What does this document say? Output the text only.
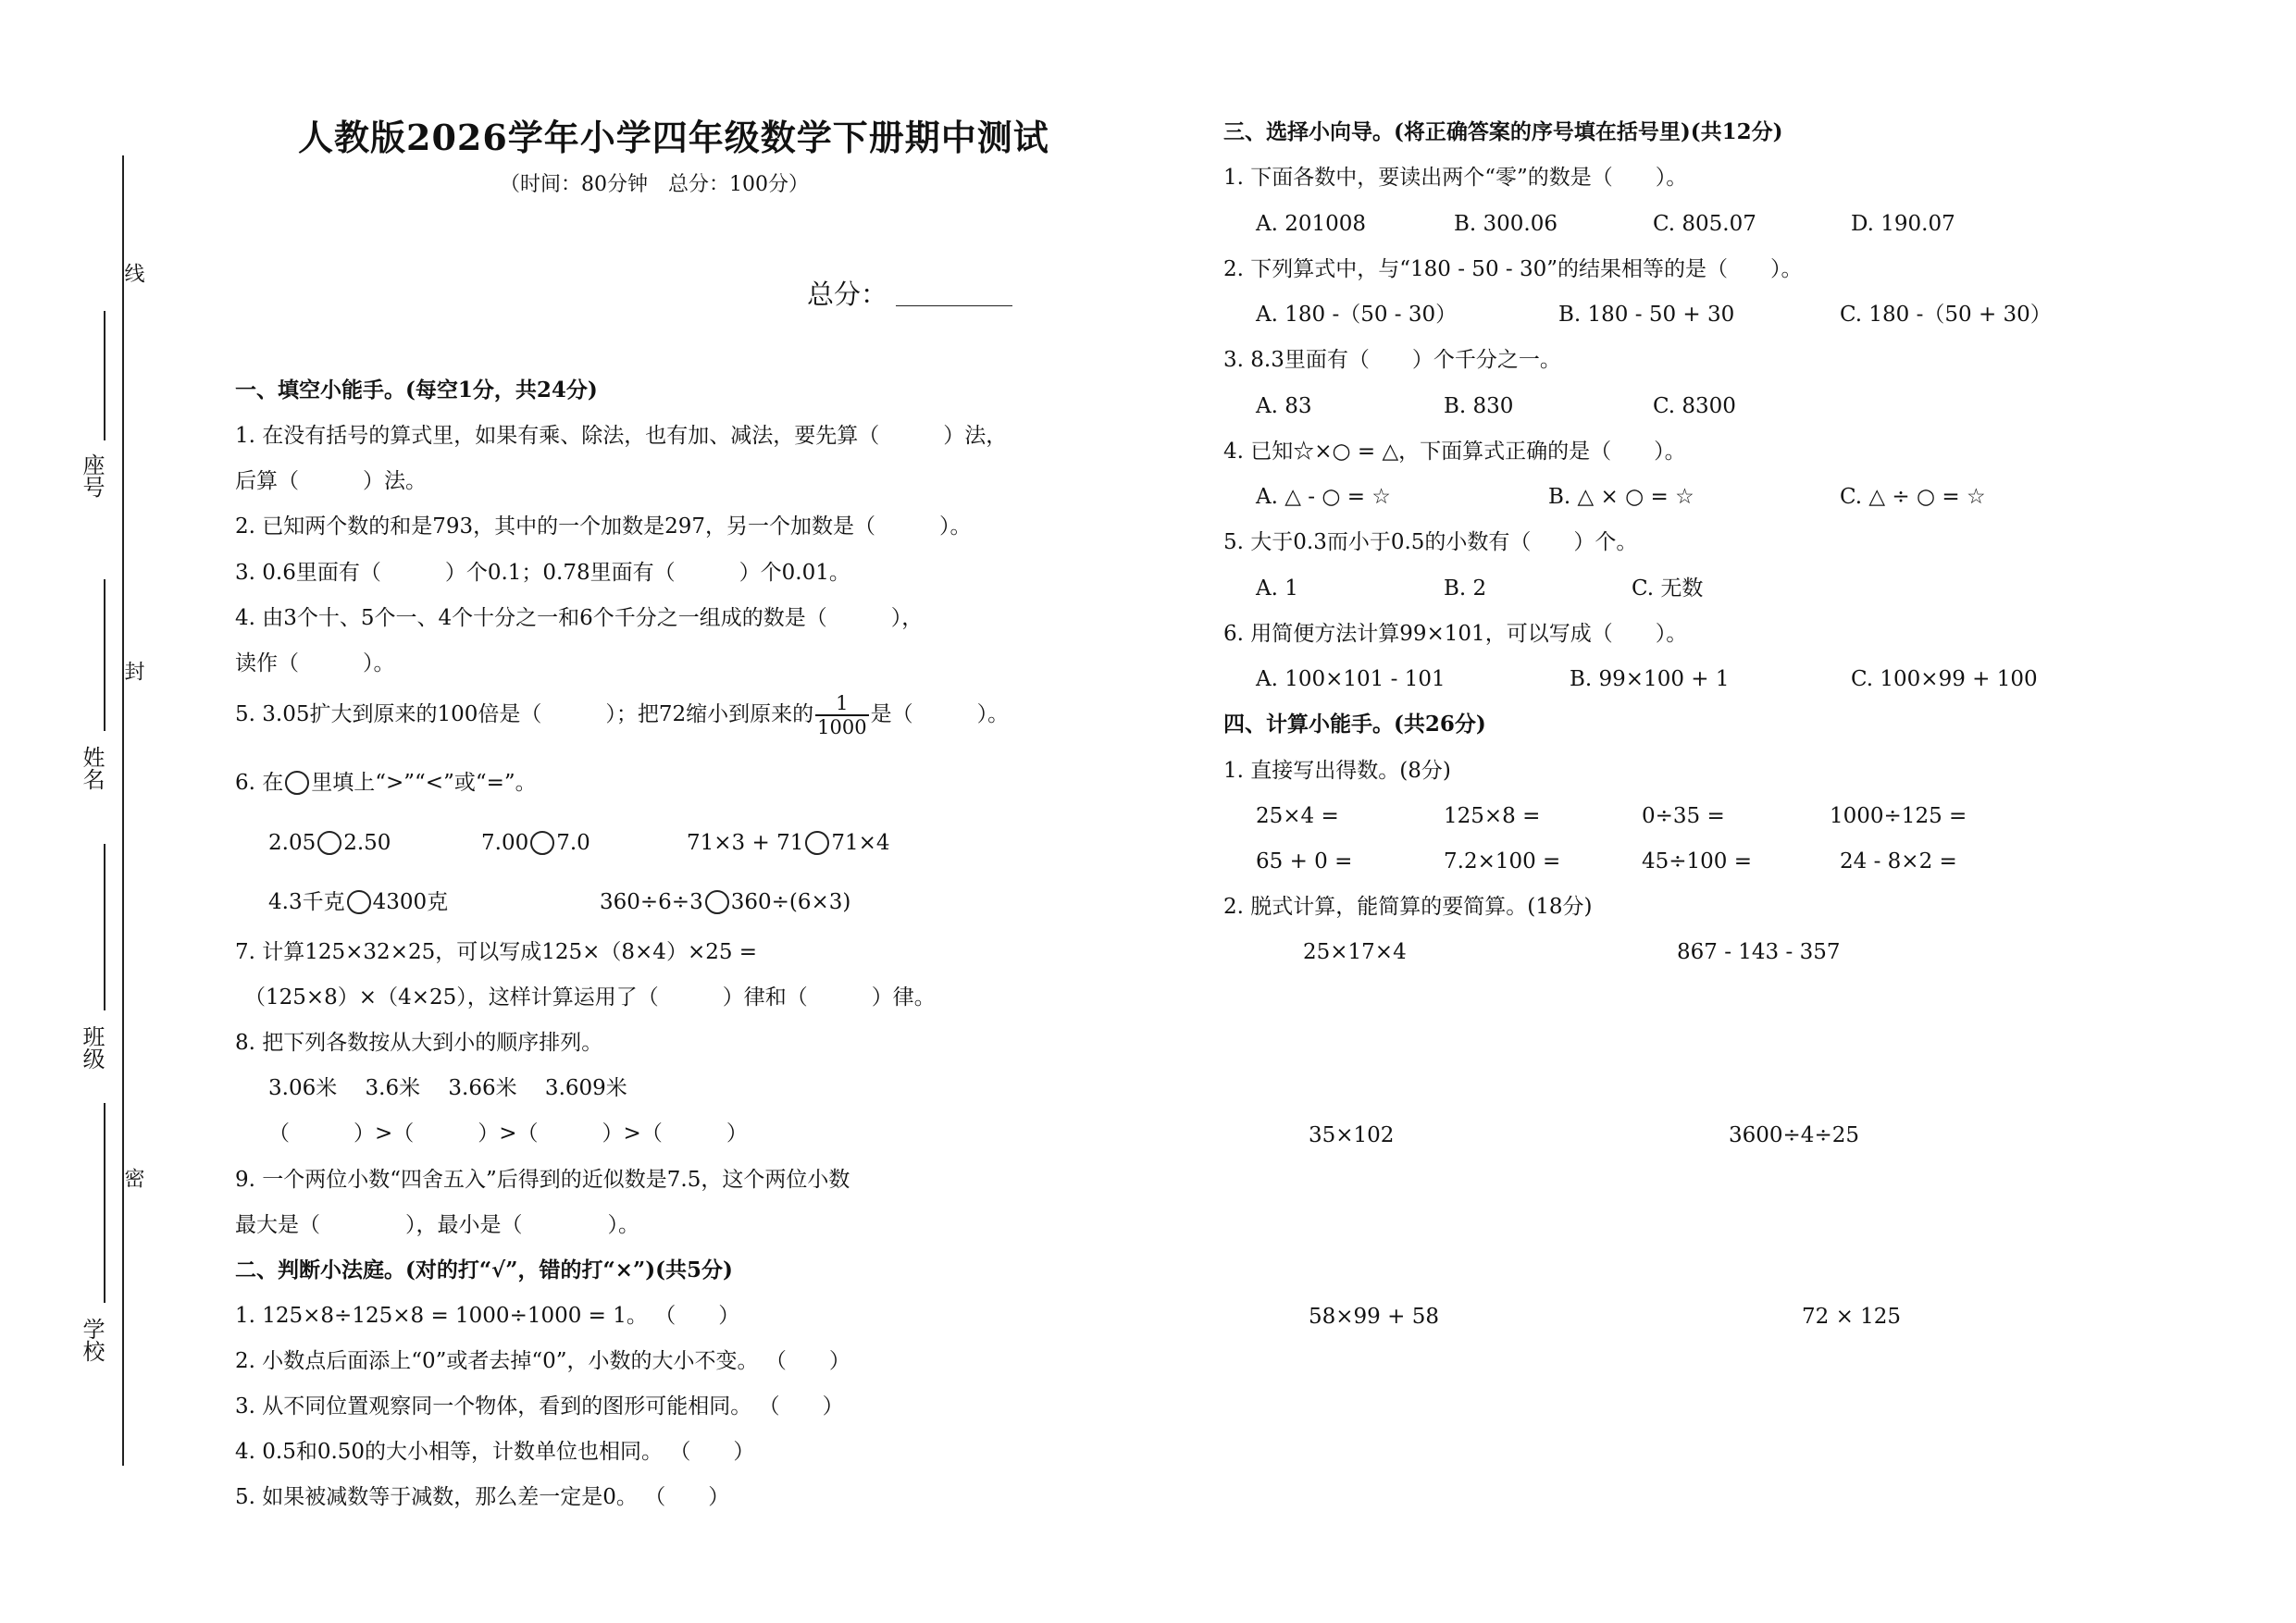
线
封
密
座号
姓名
班级
学校
人教版2026学年小学四年级数学下册期中测试
（时间：80分钟　总分：100分）
总分：
一、填空小能手。(每空1分，共24分)
1. 在没有括号的算式里，如果有乘、除法，也有加、减法，要先算（　　　）法，
后算（　　　）法。
2. 已知两个数的和是793，其中的一个加数是297，另一个加数是（　　　）。
3. 0.6里面有（　　　）个0.1；0.78里面有（　　　）个0.01。
4. 由3个十、5个一、4个十分之一和6个千分之一组成的数是（　　　），
读作（　　　）。
5. 3.05扩大到原来的100倍是（　　　）；把72缩小到原来的 $\frac{1}{1000}$ 是（　　　）。
6. 在 里填上“>”“<”或“=”。
2.05 2.50	7.00 7.0	71×3 + 71 71×4
4.3千克 4300克	360÷6÷3 360÷(6×3)
7. 计算125×32×25，可以写成125×（8×4）×25 =
（125×8）×（4×25），这样计算运用了（　　　）律和（　　　）律。
8. 把下列各数按从大到小的顺序排列。
3.06米　 3.6米　 3.66米　 3.609米
（　　　）>（　　　）>（　　　）>（　　　）
9. 一个两位小数“四舍五入”后得到的近似数是7.5，这个两位小数
最大是（　　　　），最小是（　　　　）。
二、判断小法庭。(对的打“√”，错的打“×”)(共5分)
1. 125×8÷125×8 = 1000÷1000 = 1。 （　　）
2. 小数点后面添上“0”或者去掉“0”，小数的大小不变。 （　　）
3. 从不同位置观察同一个物体，看到的图形可能相同。 （　　）
4. 0.5和0.50的大小相等，计数单位也相同。 （　　）
5. 如果被减数等于减数，那么差一定是0。 （　　）
三、选择小向导。(将正确答案的序号填在括号里)(共12分)
1. 下面各数中，要读出两个“零”的数是（　　）。
A. 201008	B. 300.06	C. 805.07	D. 190.07
2. 下列算式中，与“180 - 50 - 30”的结果相等的是（　　）。
A. 180 -（50 - 30）	B. 180 - 50 + 30	C. 180 -（50 + 30）
3. 8.3里面有（　　）个千分之一。
A. 83	B. 830	C. 8300
4. 已知☆×○ = △，下面算式正确的是（　　）。
A. △ - ○ = ☆	B. △ × ○ = ☆	C. △ ÷ ○ = ☆
5. 大于0.3而小于0.5的小数有（　　）个。
A. 1	B. 2	C. 无数
6. 用简便方法计算99×101，可以写成（　　）。
A. 100×101 - 101	B. 99×100 + 1	C. 100×99 + 100
四、计算小能手。(共26分)
1. 直接写出得数。(8分)
25×4 =	125×8 =	0÷35 =	1000÷125 =
65 + 0 =	7.2×100 =	45÷100 =	24 - 8×2 =
2. 脱式计算，能简算的要简算。(18分)
25×17×4	867 - 143 - 357
35×102	3600÷4÷25
58×99 + 58	72 × 125
